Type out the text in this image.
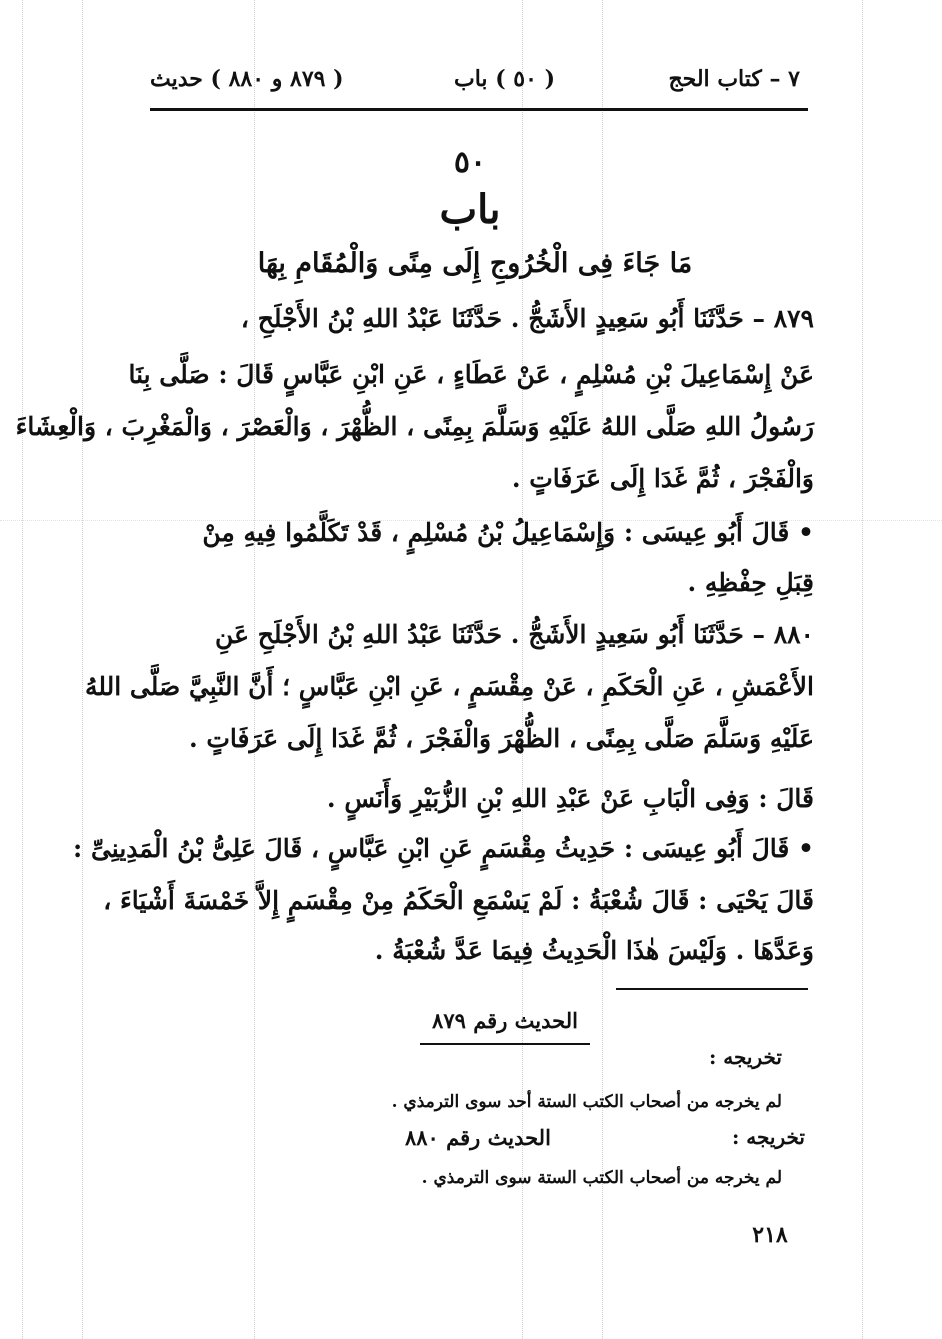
٧ – كتاب الحج
( ٥٠ ) باب
( ٨٧٩ و ٨٨٠ ) حديث
٥٠
باب
مَا جَاءَ فِى الْخُرُوجِ إِلَى مِنًى وَالْمُقَامِ بِهَا
٨٧٩ – حَدَّثَنَا أَبُو سَعِيدٍ الأَشَجُّ . حَدَّثَنَا عَبْدُ اللهِ بْنُ الأَجْلَحِ ،
عَنْ إِسْمَاعِيلَ بْنِ مُسْلِمٍ ، عَنْ عَطَاءٍ ، عَنِ ابْنِ عَبَّاسٍ قَالَ : صَلَّى بِنَا
رَسُولُ اللهِ صَلَّى اللهُ عَلَيْهِ وَسَلَّمَ بِمِنًى ، الظُّهْرَ ، وَالْعَصْرَ ، وَالْمَغْرِبَ ، وَالْعِشَاءَ
وَالْفَجْرَ ، ثُمَّ غَدَا إِلَى عَرَفَاتٍ .
• قَالَ أَبُو عِيسَى : وَإِسْمَاعِيلُ بْنُ مُسْلِمٍ ، قَدْ تَكَلَّمُوا فِيهِ مِنْ
قِبَلِ حِفْظِهِ .
٨٨٠ – حَدَّثَنَا أَبُو سَعِيدٍ الأَشَجُّ . حَدَّثَنَا عَبْدُ اللهِ بْنُ الأَجْلَحِ عَنِ
الأَعْمَشِ ، عَنِ الْحَكَمِ ، عَنْ مِقْسَمٍ ، عَنِ ابْنِ عَبَّاسٍ ؛ أَنَّ النَّبِيَّ صَلَّى اللهُ
عَلَيْهِ وَسَلَّمَ صَلَّى بِمِنًى ، الظُّهْرَ وَالْفَجْرَ ، ثُمَّ غَدَا إِلَى عَرَفَاتٍ .
قَالَ : وَفِى الْبَابِ عَنْ عَبْدِ اللهِ بْنِ الزُّبَيْرِ وَأَنَسٍ .
• قَالَ أَبُو عِيسَى : حَدِيثُ مِقْسَمٍ عَنِ ابْنِ عَبَّاسٍ ، قَالَ عَلِىُّ بْنُ الْمَدِينِىِّ :
قَالَ يَحْيَى : قَالَ شُعْبَةُ : لَمْ يَسْمَعِ الْحَكَمُ مِنْ مِقْسَمٍ إِلاَّ خَمْسَةَ أَشْيَاءَ ،
وَعَدَّهَا . وَلَيْسَ هٰذَا الْحَدِيثُ فِيمَا عَدَّ شُعْبَةُ .
الحديث رقم ٨٧٩
تخريجه :
لم يخرجه من أصحاب الكتب الستة أحد سوى الترمذي .
تخريجه :
الحديث رقم ٨٨٠
لم يخرجه من أصحاب الكتب الستة سوى الترمذي .
٢١٨
